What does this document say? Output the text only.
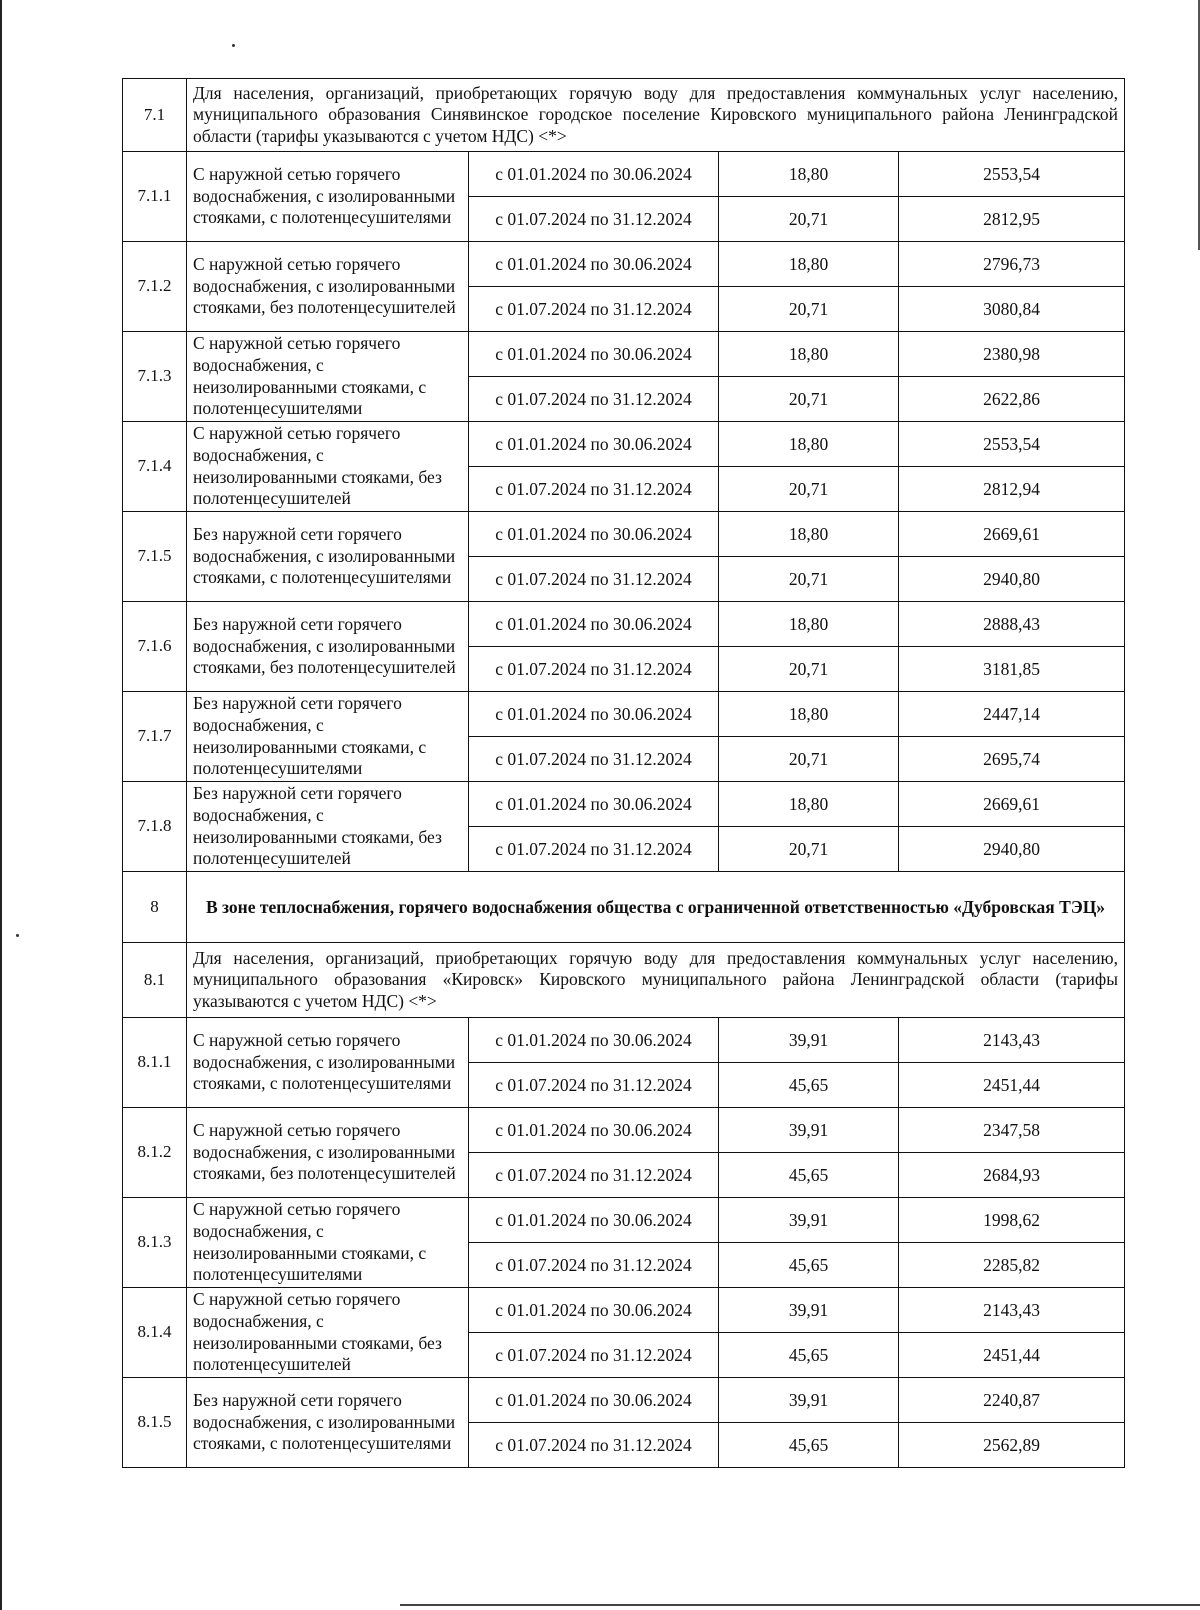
7.1	Для населения, организаций, приобретающих горячую воду для предоставления коммунальных услуг населению, муниципального образования Синявинское городское поселение Кировского муниципального района Ленинградской области (тарифы указываются с учетом НДС) <*>			
7.1.1	С наружной сетью горячего водоснабжения, с изолированными стояками, с полотенцесушителями	с 01.01.2024 по 30.06.2024	18,80	2553,54
		с 01.07.2024 по 31.12.2024	20,71	2812,95
7.1.2	С наружной сетью горячего водоснабжения, с изолированными стояками, без полотенцесушителей	с 01.01.2024 по 30.06.2024	18,80	2796,73
		с 01.07.2024 по 31.12.2024	20,71	3080,84
7.1.3	С наружной сетью горячего водоснабжения, с неизолированными стояками, с полотенцесушителями	с 01.01.2024 по 30.06.2024	18,80	2380,98
		с 01.07.2024 по 31.12.2024	20,71	2622,86
7.1.4	С наружной сетью горячего водоснабжения, с неизолированными стояками, без полотенцесушителей	с 01.01.2024 по 30.06.2024	18,80	2553,54
		с 01.07.2024 по 31.12.2024	20,71	2812,94
7.1.5	Без наружной сети горячего водоснабжения, с изолированными стояками, с полотенцесушителями	с 01.01.2024 по 30.06.2024	18,80	2669,61
		с 01.07.2024 по 31.12.2024	20,71	2940,80
7.1.6	Без наружной сети горячего водоснабжения, с изолированными стояками, без полотенцесушителей	с 01.01.2024 по 30.06.2024	18,80	2888,43
		с 01.07.2024 по 31.12.2024	20,71	3181,85
7.1.7	Без наружной сети горячего водоснабжения, с неизолированными стояками, с полотенцесушителями	с 01.01.2024 по 30.06.2024	18,80	2447,14
		с 01.07.2024 по 31.12.2024	20,71	2695,74
7.1.8	Без наружной сети горячего водоснабжения, с неизолированными стояками, без полотенцесушителей	с 01.01.2024 по 30.06.2024	18,80	2669,61
		с 01.07.2024 по 31.12.2024	20,71	2940,80
8	В зоне теплоснабжения, горячего водоснабжения общества с ограниченной ответственностью «Дубровская ТЭЦ»			
8.1	Для населения, организаций, приобретающих горячую воду для предоставления коммунальных услуг населению, муниципального образования «Кировск» Кировского муниципального района Ленинградской области (тарифы указываются с учетом НДС) <*>			
8.1.1	С наружной сетью горячего водоснабжения, с изолированными стояками, с полотенцесушителями	с 01.01.2024 по 30.06.2024	39,91	2143,43
		с 01.07.2024 по 31.12.2024	45,65	2451,44
8.1.2	С наружной сетью горячего водоснабжения, с изолированными стояками, без полотенцесушителей	с 01.01.2024 по 30.06.2024	39,91	2347,58
		с 01.07.2024 по 31.12.2024	45,65	2684,93
8.1.3	С наружной сетью горячего водоснабжения, с неизолированными стояками, с полотенцесушителями	с 01.01.2024 по 30.06.2024	39,91	1998,62
		с 01.07.2024 по 31.12.2024	45,65	2285,82
8.1.4	С наружной сетью горячего водоснабжения, с неизолированными стояками, без полотенцесушителей	с 01.01.2024 по 30.06.2024	39,91	2143,43
		с 01.07.2024 по 31.12.2024	45,65	2451,44
8.1.5	Без наружной сети горячего водоснабжения, с изолированными стояками, с полотенцесушителями	с 01.01.2024 по 30.06.2024	39,91	2240,87
		с 01.07.2024 по 31.12.2024	45,65	2562,89
